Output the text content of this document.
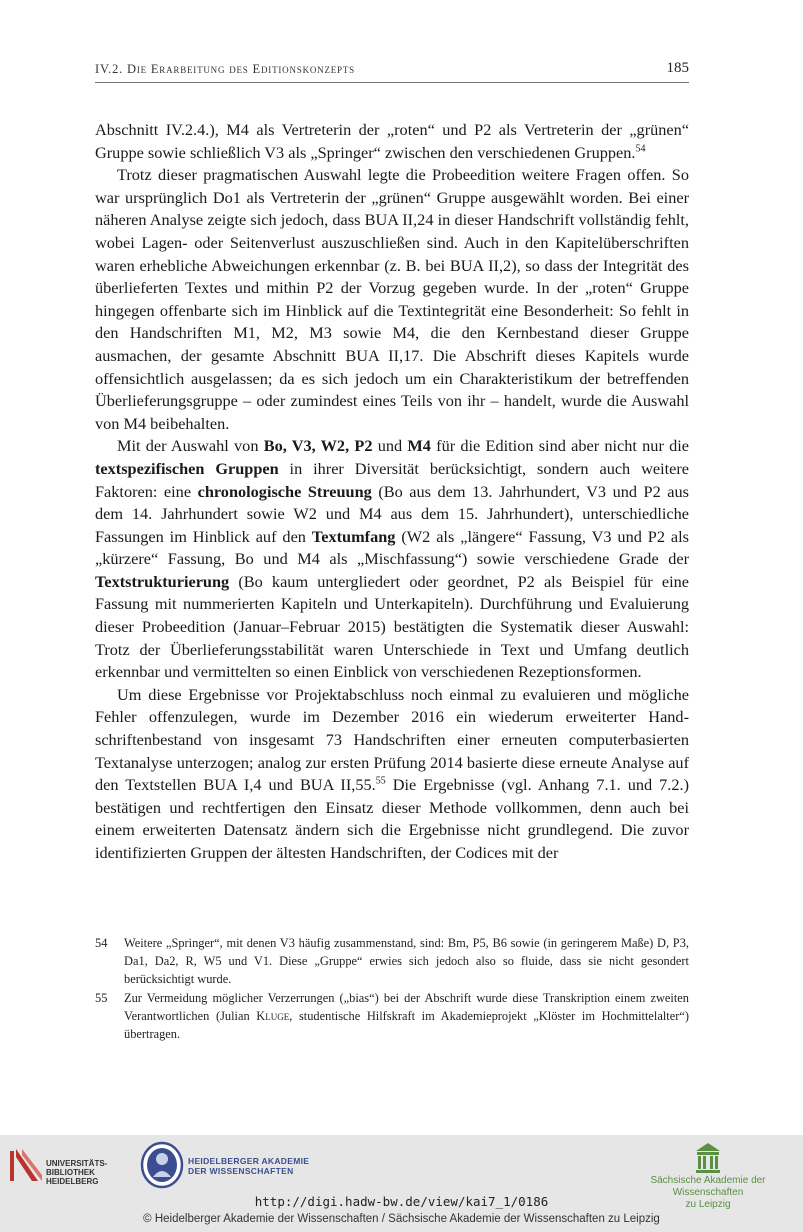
IV.2. Die Erarbeitung des Editionskonzepts	185

Abschnitt IV.2.4.), M4 als Vertreterin der „roten“ und P2 als Vertreterin der „grünen“ Gruppe sowie schließlich V3 als „Springer“ zwischen den verschiedenen Gruppen.$^{54}$

Trotz dieser pragmatischen Auswahl legte die Probeedition weitere Fragen offen. So war ursprünglich Do1 als Vertreterin der „grünen“ Gruppe ausgewählt worden. Bei einer näheren Analyse zeigte sich jedoch, dass BUA II,24 in dieser Handschrift vollständig fehlt, wobei Lagen- oder Seitenverlust auszuschließen sind. Auch in den Kapitelüberschriften waren erhebliche Abweichungen erkennbar (z. B. bei BUA II,2), so dass der Integrität des überlieferten Textes und mithin P2 der Vorzug gegeben wurde. In der „roten“ Gruppe hingegen offenbarte sich im Hinblick auf die Textintegrität eine Besonderheit: So fehlt in den Handschriften M1, M2, M3 sowie M4, die den Kernbestand dieser Gruppe ausmachen, der gesamte Abschnitt BUA II,17. Die Abschrift dieses Kapitels wurde offensichtlich ausgelassen; da es sich jedoch um ein Charakteristikum der betreffenden Überlieferungsgruppe – oder zumindest eines Teils von ihr – handelt, wurde die Auswahl von M4 beibehalten.

Mit der Auswahl von Bo, V3, W2, P2 und M4 für die Edition sind aber nicht nur die textspezifischen Gruppen in ihrer Diversität berücksichtigt, sondern auch weitere Faktoren: eine chronologische Streuung (Bo aus dem 13. Jahrhundert, V3 und P2 aus dem 14. Jahrhundert sowie W2 und M4 aus dem 15. Jahrhundert), unterschiedliche Fassungen im Hinblick auf den Textumfang (W2 als „längere“ Fassung, V3 und P2 als „kürzere“ Fassung, Bo und M4 als „Mischfassung“) sowie verschiedene Grade der Textstrukturierung (Bo kaum untergliedert oder geordnet, P2 als Beispiel für eine Fassung mit nummerierten Kapiteln und Unterkapiteln). Durchführung und Evaluierung dieser Probeedition (Januar–Februar 2015) bestätigten die Systematik dieser Auswahl: Trotz der Überlieferungsstabilität waren Unterschiede in Text und Umfang deutlich erkennbar und vermittelten so einen Einblick von verschiedenen Rezeptionsformen.

Um diese Ergebnisse vor Projektabschluss noch einmal zu evaluieren und mögliche Fehler offenzulegen, wurde im Dezember 2016 ein wiederum erweiterter Handschriftenbestand von insgesamt 73 Handschriften einer erneuten computerbasierten Textanalyse unterzogen; analog zur ersten Prüfung 2014 basierte diese erneute Analyse auf den Textstellen BUA I,4 und BUA II,55.55 Die Ergebnisse (vgl. Anhang 7.1. und 7.2.) bestätigen und rechtfertigen den Einsatz dieser Methode vollkommen, denn auch bei einem erweiterten Datensatz ändern sich die Ergebnisse nicht grundlegend. Die zuvor identifizierten Gruppen der ältesten Handschriften, der Codices mit der

54 Weitere „Springer“, mit denen V3 häufig zusammenstand, sind: Bm, P5, B6 sowie (in geringerem Maße) D, P3, Da1, Da2, R, W5 und V1. Diese „Gruppe“ erwies sich jedoch also so fluide, dass sie nicht gesondert berücksichtigt wurde.
55 Zur Vermeidung möglicher Verzerrungen („bias“) bei der Abschrift wurde diese Transkription einem zweiten Verantwortlichen (Julian Kluge, studentische Hilfskraft im Akademieprojekt „Klöster im Hochmittelalter“) übertragen.
UNIVERSITÄTS-
BIBLIOTHEK
HEIDELBERG
HEIDELBERGER AKADEMIE
DER WISSENSCHAFTEN
Sächsische Akademie der Wissenschaften
zu Leipzig
http://digi.hadw-bw.de/view/kai7_1/0186
© Heidelberger Akademie der Wissenschaften / Sächsische Akademie der Wissenschaften zu Leipzig
